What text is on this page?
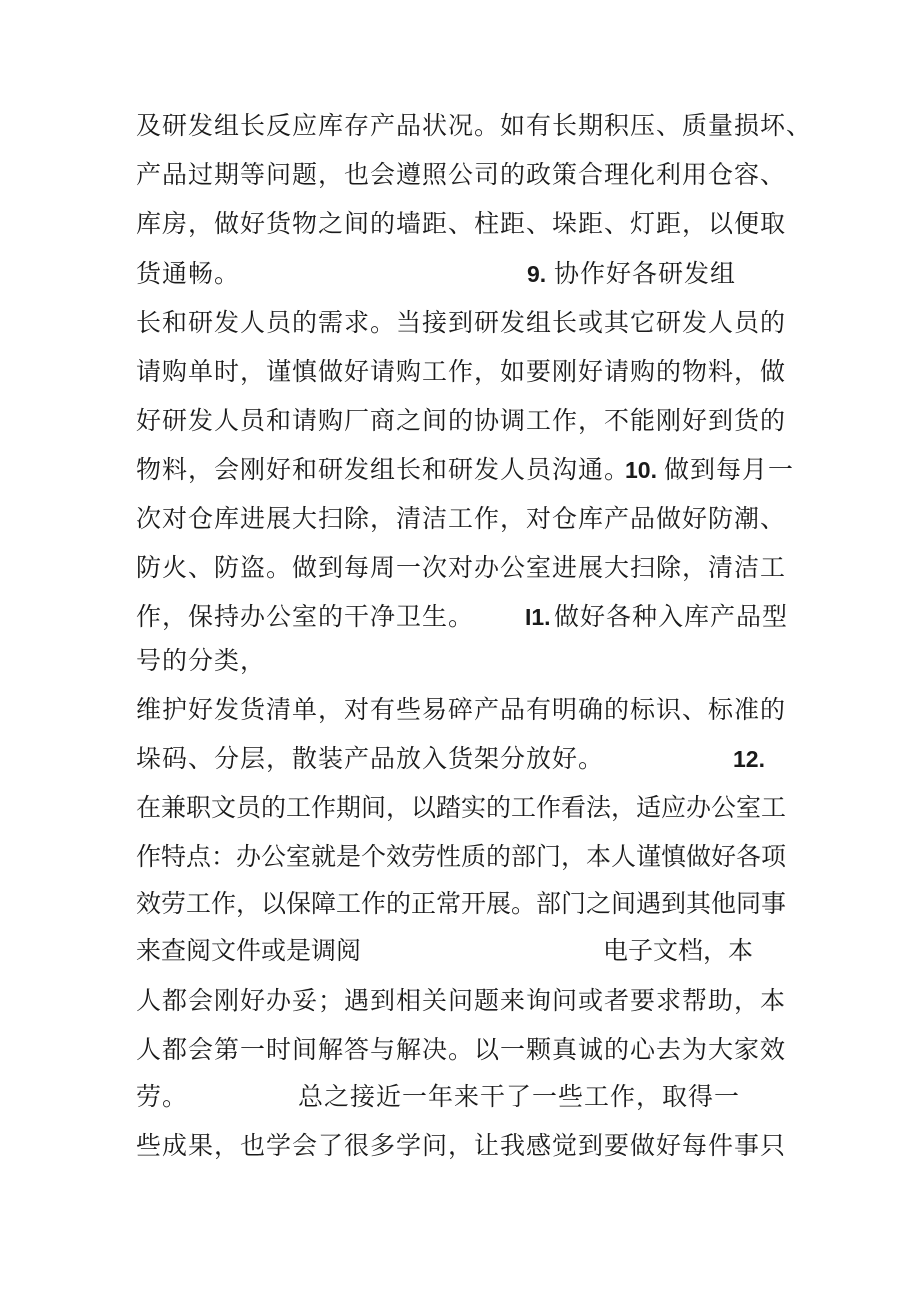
及研发组长反应库存产品状况。如有长期积压、质量损坏、
产品过期等问题，也会遵照公司的政策合理化利用仓容、
库房，做好货物之间的墙距、柱距、垛距、灯距，以便取
货通畅。	9. 协作好各研发组
长和研发人员的需求。当接到研发组长或其它研发人员的
请购单时，谨慎做好请购工作，如要刚好请购的物料，做
好研发人员和请购厂商之间的协调工作，不能刚好到货的
物料，会刚好和研发组长和研发人员沟通。
10. 做到每月一
次对仓库进展大扫除，清洁工作，对仓库产品做好防潮、
防火、防盗。做到每周一次对办公室进展大扫除，清洁工
作，保持办公室的干净卫生。 I1. 做好各种入库产品型
号的分类，
维护好发货清单，对有些易碎产品有明确的标识、标准的
垛码、分层，散装产品放入货架分放好。	12.
在兼职文员的工作期间，以踏实的工作看法，适应办公室工
作特点：办公室就是个效劳性质的部门，本人谨慎做好各项
效劳工作，以保障工作的正常开展。部门之间遇到其他同事
来查阅文件或是调阅	电子文档，本
人都会刚好办妥；遇到相关问题来询问或者要求帮助，本
人都会第一时间解答与解决。以一颗真诚的心去为大家效
劳。	总之接近一年来干了一些工作，取得一
些成果，也学会了很多学问，让我感觉到要做好每件事只
